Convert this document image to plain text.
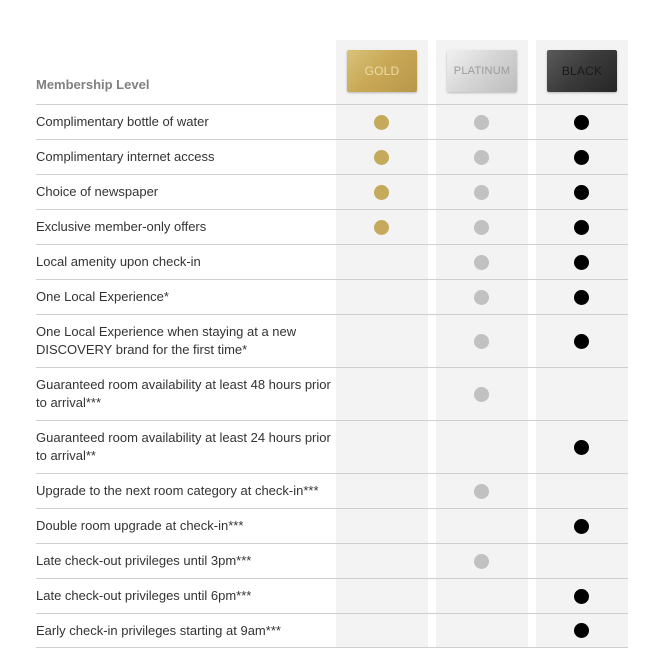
Membership Level
GOLD	PLATINUM	BLACK
Complimentary bottle of water
Complimentary internet access
Choice of newspaper
Exclusive member-only offers
Local amenity upon check-in
One Local Experience*
One Local Experience when staying at a new DISCOVERY brand for the first time*
Guaranteed room availability at least 48 hours prior to arrival***
Guaranteed room availability at least 24 hours prior to arrival**
Upgrade to the next room category at check-in***
Double room upgrade at check-in***
Late check-out privileges until 3pm***
Late check-out privileges until 6pm***
Early check-in privileges starting at 9am***
